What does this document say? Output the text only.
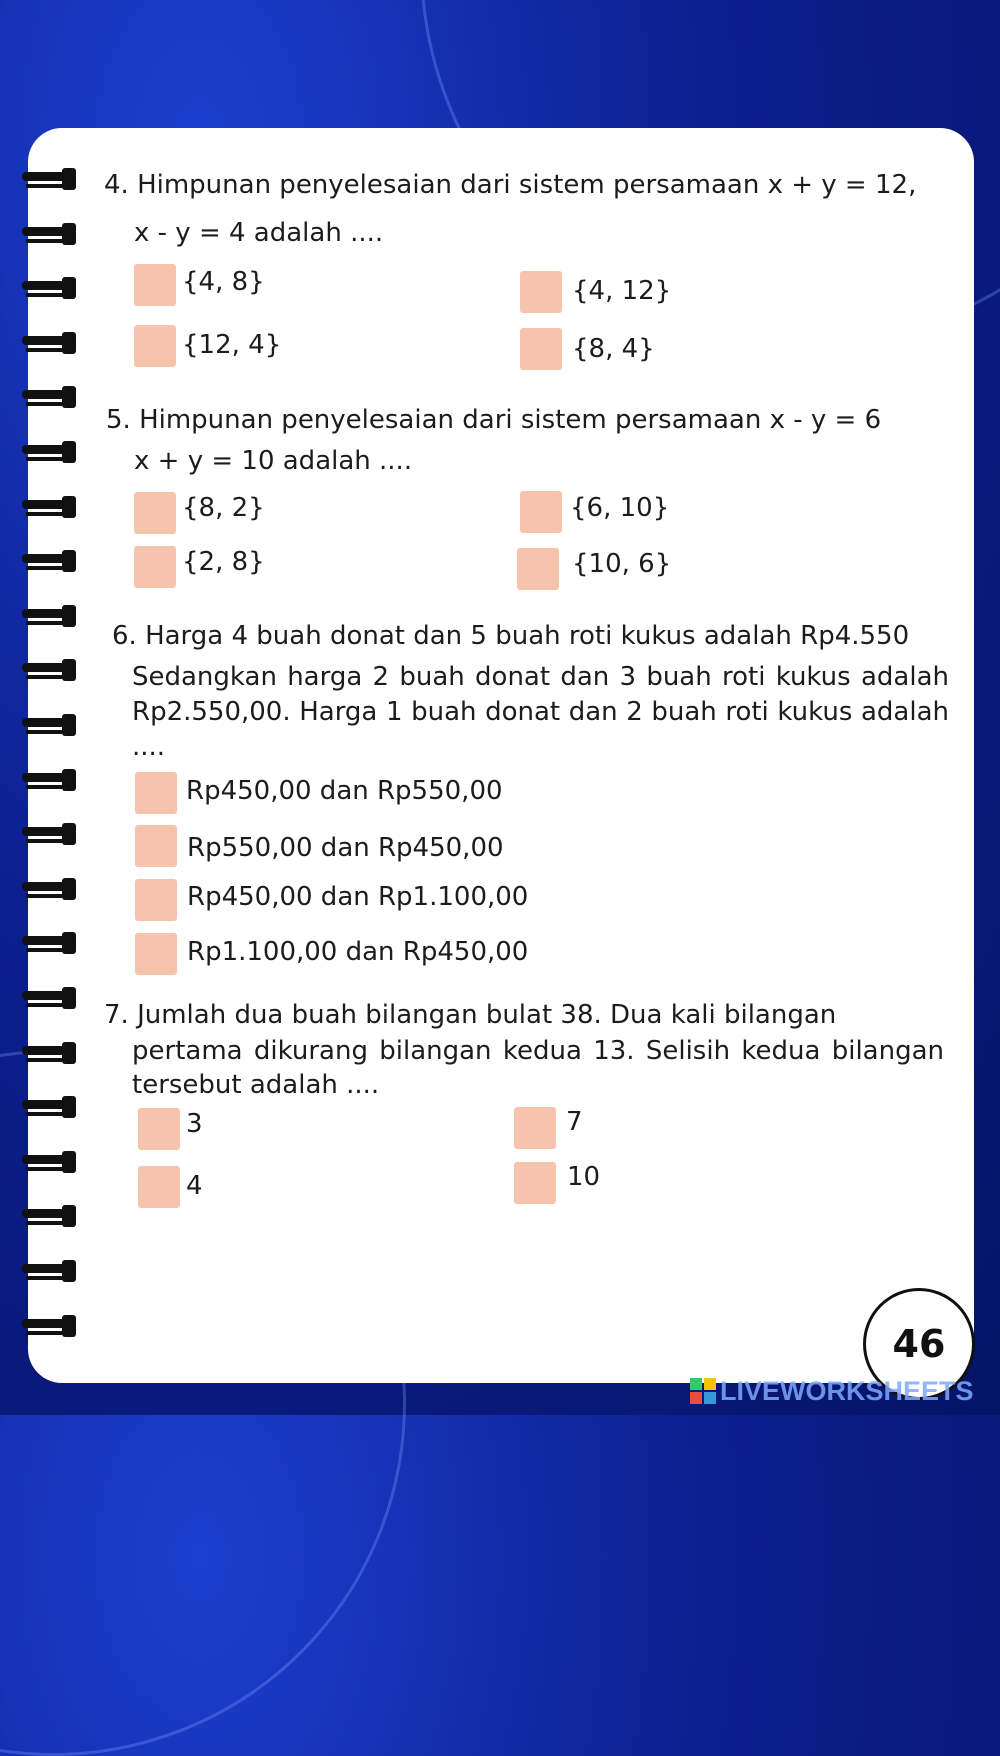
4. Himpunan penyelesaian dari sistem persamaan x + y = 12,
x - y = 4 adalah ....
{4, 8}	{4, 12}
{12, 4}	{8, 4}
5. Himpunan penyelesaian dari sistem persamaan x - y = 6
x + y = 10 adalah ....
{8, 2}	{6, 10}
{2, 8}	{10, 6}
6. Harga 4 buah donat dan 5 buah roti kukus adalah Rp4.550
Sedangkan harga 2 buah donat dan 3 buah roti kukus adalah Rp2.550,00. Harga 1 buah donat dan 2 buah roti kukus adalah ....
Rp450,00 dan Rp550,00
Rp550,00 dan Rp450,00
Rp450,00 dan Rp1.100,00
Rp1.100,00 dan Rp450,00
7. Jumlah dua buah bilangan bulat 38. Dua kali bilangan
pertama dikurang bilangan kedua 13. Selisih kedua bilangan tersebut adalah ....
3	7
4	10
46
LIVEWORKSHEETS
